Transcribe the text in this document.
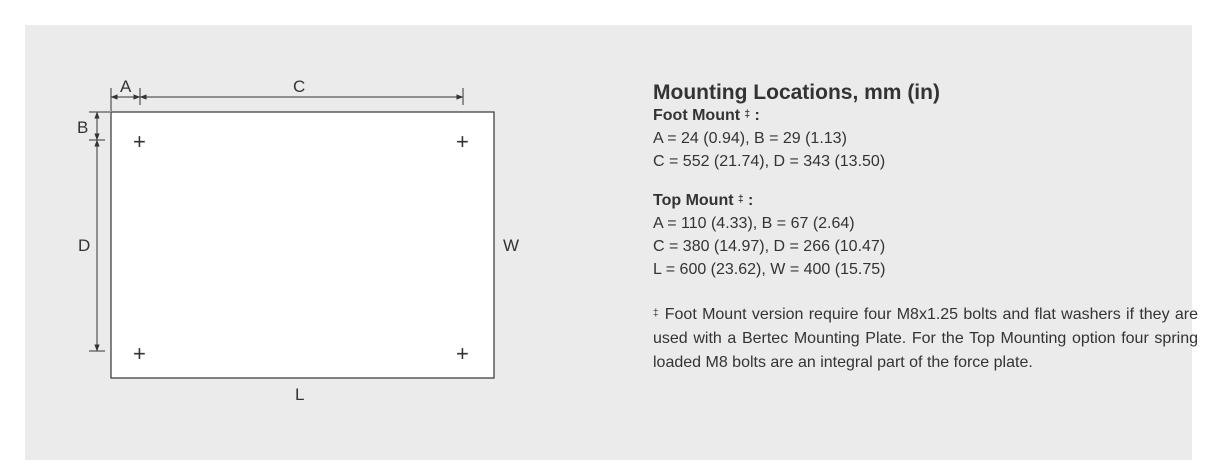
A	C
B
D	W
L
+	+
+	+

Mounting Locations, mm (in)

Foot Mount ‡ :

A = 24 (0.94), B = 29 (1.13)

C = 552 (21.74), D = 343 (13.50)

Top Mount ‡ :

A = 110 (4.33), B = 67 (2.64)

C = 380 (14.97), D = 266 (10.47)

L = 600 (23.62), W = 400 (15.75)

‡ Foot Mount version require four M8x1.25 bolts and flat washers if they are used with a Bertec Mounting Plate. For the Top Mounting option four spring loaded M8 bolts are an integral part of the force plate.
